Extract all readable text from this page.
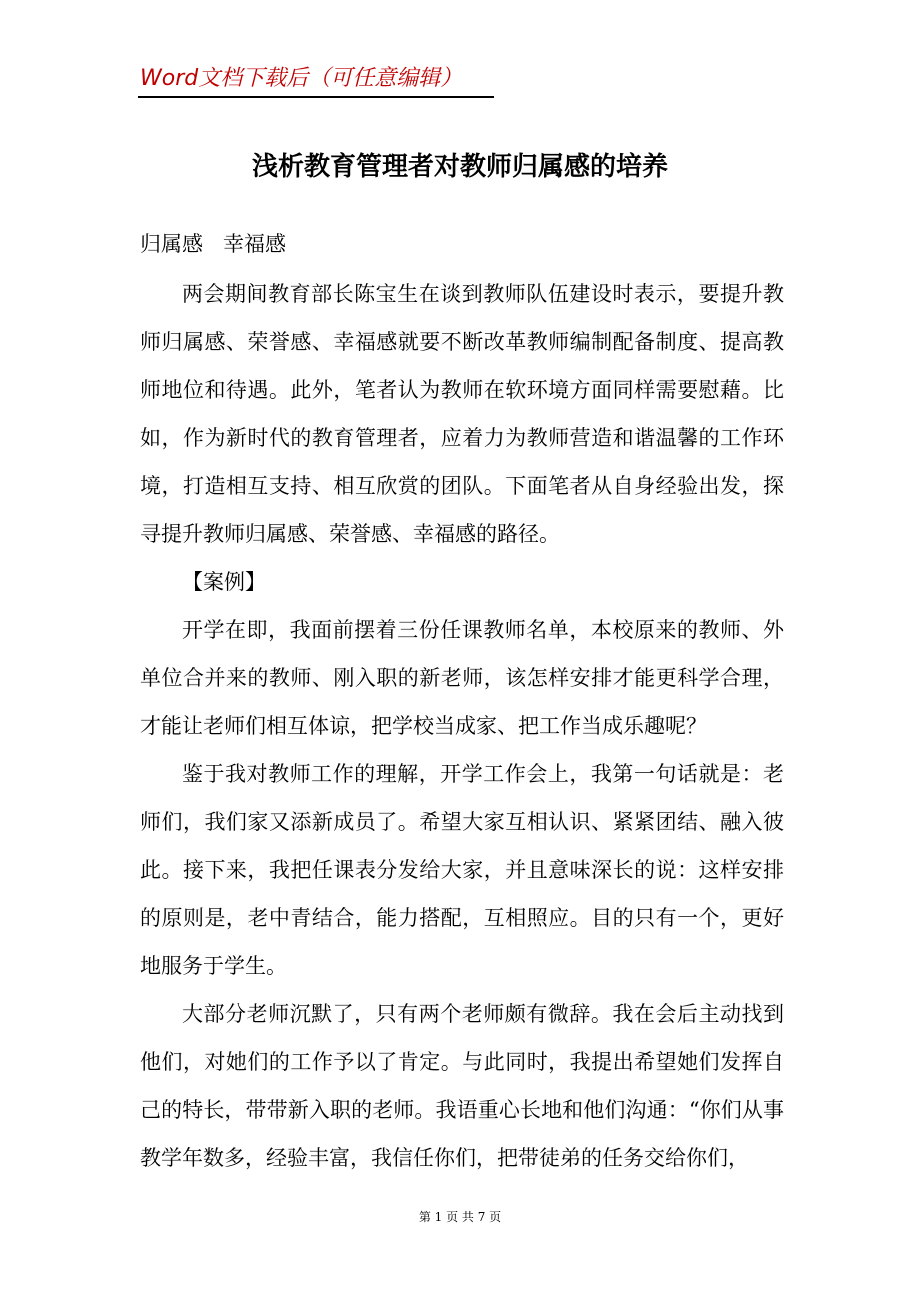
Word文档下载后（可任意编辑）
浅析教育管理者对教师归属感的培养
归属感   幸福感

两会期间教育部长陈宝生在谈到教师队伍建设时表示，要提升教师归属感、荣誉感、幸福感就要不断改革教师编制配备制度、提高教师地位和待遇。此外，笔者认为教师在软环境方面同样需要慰藉。比如，作为新时代的教育管理者，应着力为教师营造和谐温馨的工作环境，打造相互支持、相互欣赏的团队。下面笔者从自身经验出发，探寻提升教师归属感、荣誉感、幸福感的路径。

【案例】

开学在即，我面前摆着三份任课教师名单，本校原来的教师、外单位合并来的教师、刚入职的新老师，该怎样安排才能更科学合理，才能让老师们相互体谅，把学校当成家、把工作当成乐趣呢？

鉴于我对教师工作的理解，开学工作会上，我第一句话就是：老师们，我们家又添新成员了。希望大家互相认识、紧紧团结、融入彼此。接下来，我把任课表分发给大家，并且意味深长的说：这样安排的原则是，老中青结合，能力搭配，互相照应。目的只有一个，更好地服务于学生。

大部分老师沉默了，只有两个老师颇有微辞。我在会后主动找到他们，对她们的工作予以了肯定。与此同时，我提出希望她们发挥自己的特长，带带新入职的老师。我语重心长地和他们沟通：“你们从事教学年数多，经验丰富，我信任你们，把带徒弟的任务交给你们，

第 1 页 共 7 页
